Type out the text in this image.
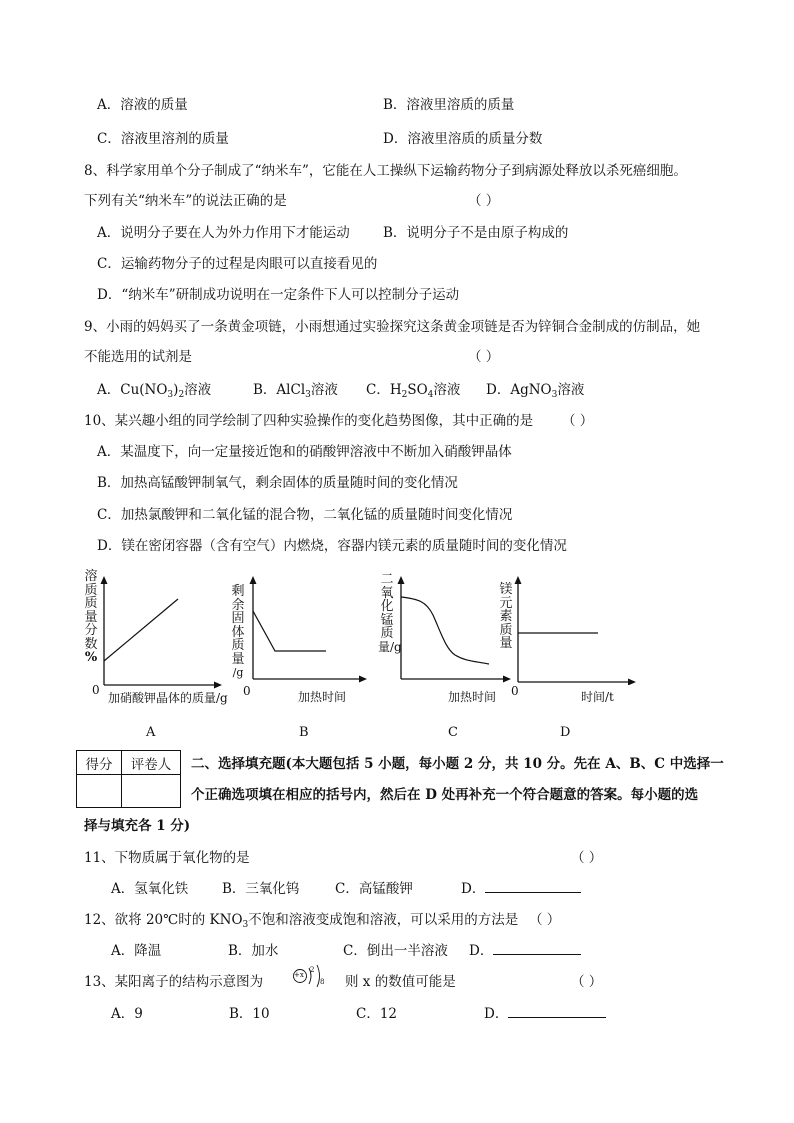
A．溶液的质量	B．溶液里溶质的质量
C．溶液里溶剂的质量	D．溶液里溶质的质量分数
8、科学家用单个分子制成了“纳米车”，它能在人工操纵下运输药物分子到病源处释放以杀死癌细胞。
下列有关“纳米车”的说法正确的是	（ ）
A．说明分子要在人为外力作用下才能运动 B．说明分子不是由原子构成的
C．运输药物分子的过程是肉眼可以直接看见的
D．“纳米车”研制成功说明在一定条件下人可以控制分子运动
9、小雨的妈妈买了一条黄金项链，小雨想通过实验探究这条黄金项链是否为锌铜合金制成的仿制品，她
不能选用的试剂是	（ ）
A．$Cu(NO_3)_2$溶液	B．AlCl$_3$溶液 C．$H_2SO_4$溶液 D．AgNO$_3$溶液
10、某兴趣小组的同学绘制了四种实验操作的变化趋势图像，其中正确的是 （ ）
A．某温度下，向一定量接近饱和的硝酸钾溶液中不断加入硝酸钾晶体
B．加热高锰酸钾制氧气，剩余固体的质量随时间的变化情况
C．加热氯酸钾和二氧化锰的混合物，二氧化锰的质量随时间变化情况
D．镁在密闭容器（含有空气）内燃烧，容器内镁元素的质量随时间的变化情况
溶
质
质
量
分
数
%
0
加硝酸钾晶体的质量/g
A
剩
余
固
体
质
量
/g
0	加热时间
B
二
氧
化
锰
质
量/g
加热时间
C
镁
元
素
质
量
0	时间/t
D
得分	评卷人
	二、选择填充题(本大题包括 5 小题，每小题 2 分，共 10 分。先在 A、B、C 中选择一
个正确选项填在相应的括号内，然后在 D 处再补充一个符合题意的答案。每小题的选
择与填充各 1 分)
11、下物质属于氧化物的是	（ ）
A．氢氧化铁	B．三氧化钨	C．高锰酸钾	D．
12、欲将 20℃时的 $KNO_3$不饱和溶液变成饱和溶液，可以采用的方法是 （ ）
A．降温	B．加水	C．倒出一半溶液 D．
13、某阳离子的结构示意图为	+x
2
8 则 x 的数值可能是	（ ）
A．9	B．10	C．12	D．
